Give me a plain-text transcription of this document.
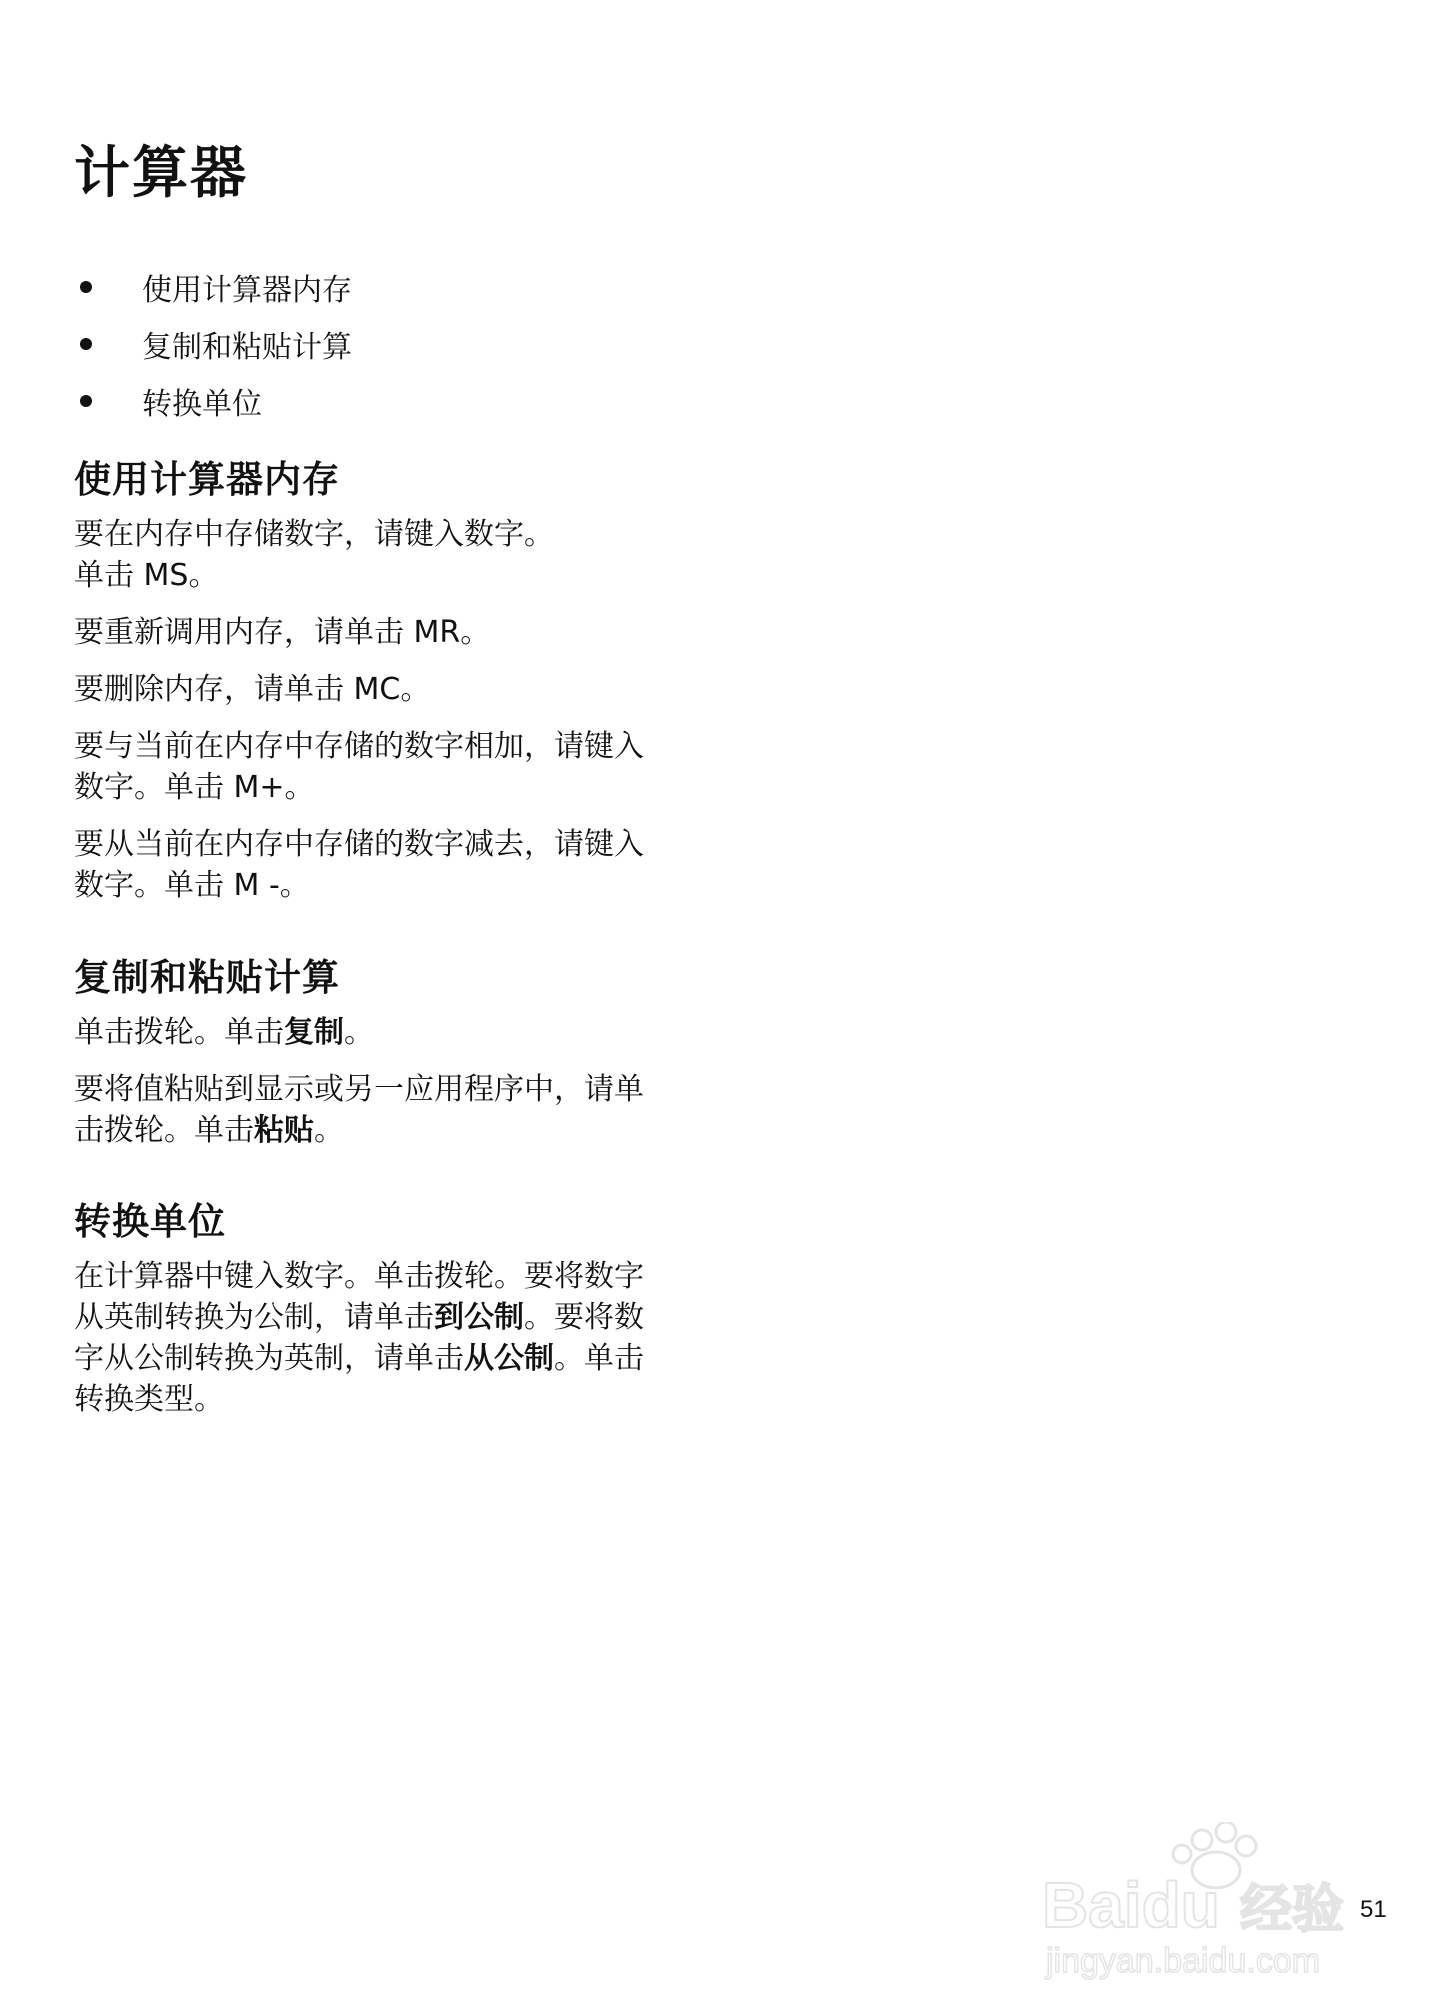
计算器
使用计算器内存
复制和粘贴计算
转换单位
使用计算器内存

要在内存中存储数字，请键入数字。
单击 MS。

要重新调用内存，请单击 MR。

要删除内存，请单击 MC。

要与当前在内存中存储的数字相加，请键入
数字。单击 M+。

要从当前在内存中存储的数字减去，请键入
数字。单击 M -。

复制和粘贴计算

单击拨轮。单击复制。

要将值粘贴到显示或另一应用程序中，请单
击拨轮。单击粘贴。

转换单位

在计算器中键入数字。单击拨轮。要将数字
从英制转换为公制，请单击到公制。要将数
字从公制转换为英制，请单击从公制。单击
转换类型。

Baidu 经验
jingyan.baidu.com
51
